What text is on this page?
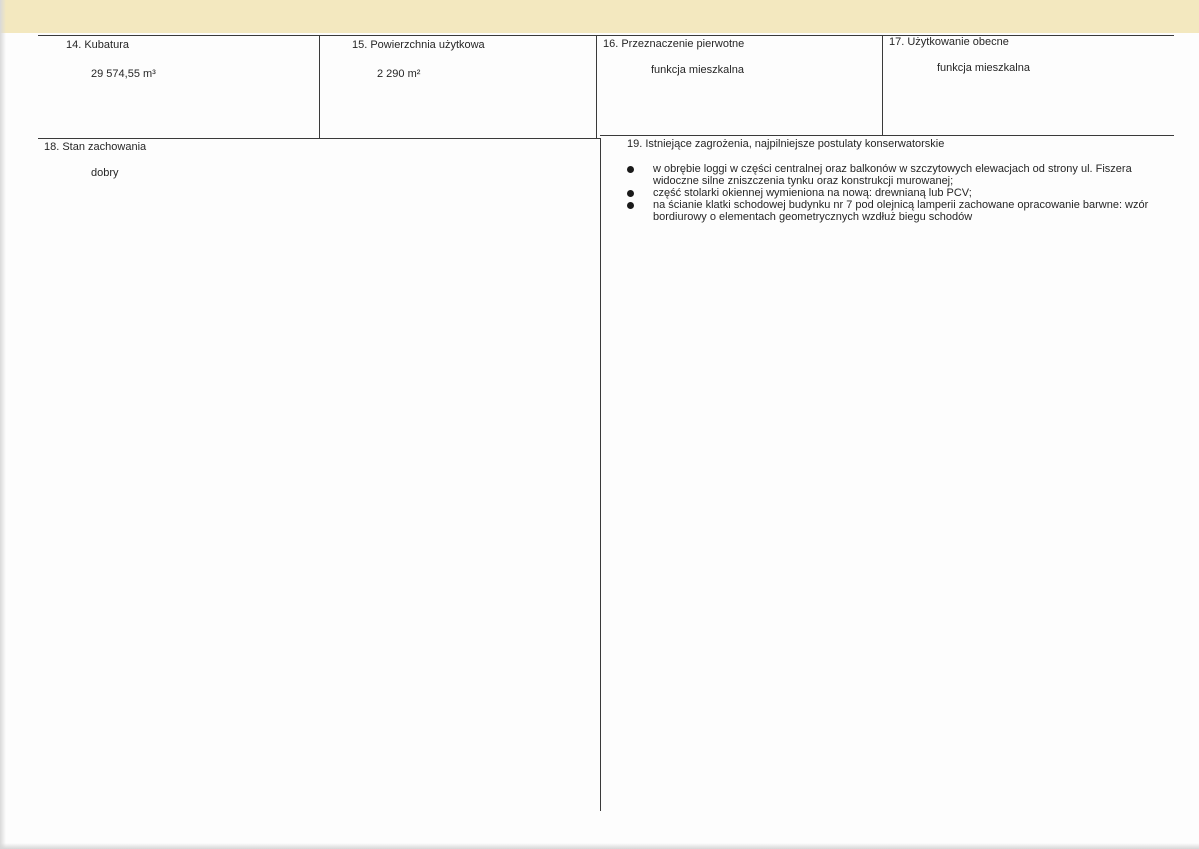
14. Kubatura
29 574,55 m³
15. Powierzchnia użytkowa
2 290 m²
16. Przeznaczenie pierwotne
funkcja mieszkalna
17. Użytkowanie obecne
funkcja mieszkalna
18. Stan zachowania
dobry
19. Istniejące zagrożenia, najpilniejsze postulaty konserwatorskie
w obrębie loggi w części centralnej oraz balkonów w szczytowych elewacjach od strony ul. Fiszera widoczne silne zniszczenia tynku oraz konstrukcji murowanej;
część stolarki okiennej wymieniona na nową: drewnianą lub PCV;
na ścianie klatki schodowej budynku nr 7 pod olejnicą lamperii zachowane opracowanie barwne: wzór bordiurowy o elementach geometrycznych wzdłuż biegu schodów
